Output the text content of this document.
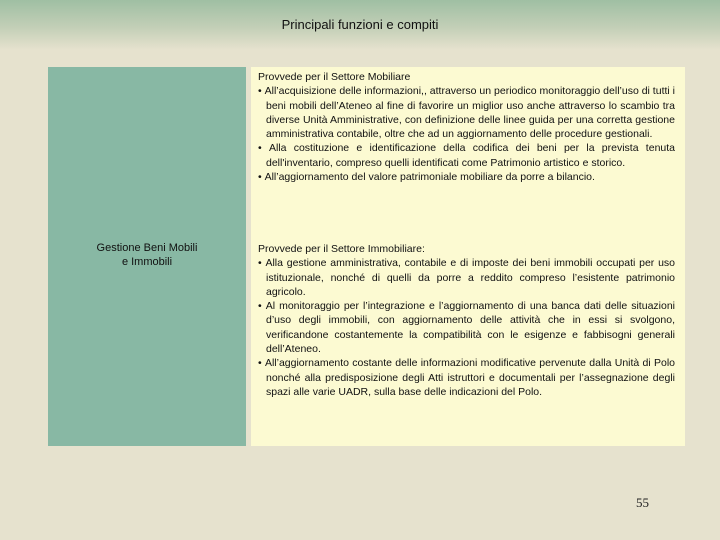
Principali funzioni e compiti
Gestione Beni Mobili
e Immobili

Provvede per il Settore Mobiliare

• All’acquisizione delle informazioni,, attraverso un periodico monitoraggio dell’uso di tutti i beni mobili dell’Ateneo al fine di favorire un miglior uso anche attraverso lo scambio tra diverse Unità Amministrative, con definizione delle linee guida per una corretta gestione amministrativa contabile, oltre che ad un aggiornamento delle procedure gestionali.

• Alla costituzione e identificazione della codifica dei beni per la prevista tenuta dell'inventario, compreso quelli identificati come Patrimonio artistico e storico.

• All’aggiornamento del valore patrimoniale mobiliare da porre a bilancio.

Provvede per il Settore Immobiliare:

• Alla gestione amministrativa, contabile e di imposte dei beni immobili occupati per uso istituzionale, nonché di quelli da porre a reddito compreso l’esistente patrimonio agricolo.

• Al monitoraggio per l’integrazione e l’aggiornamento di una banca dati delle situazioni d’uso degli immobili, con aggiornamento delle attività che in essi si svolgono, verificandone costantemente la compatibilità con le esigenze e fabbisogni generali dell’Ateneo.

• All’aggiornamento costante delle informazioni modificative pervenute dalla Unità di Polo nonché alla predisposizione degli Atti istruttori e documentali per l’assegnazione degli spazi alle varie UADR, sulla base delle indicazioni del Polo.

55
